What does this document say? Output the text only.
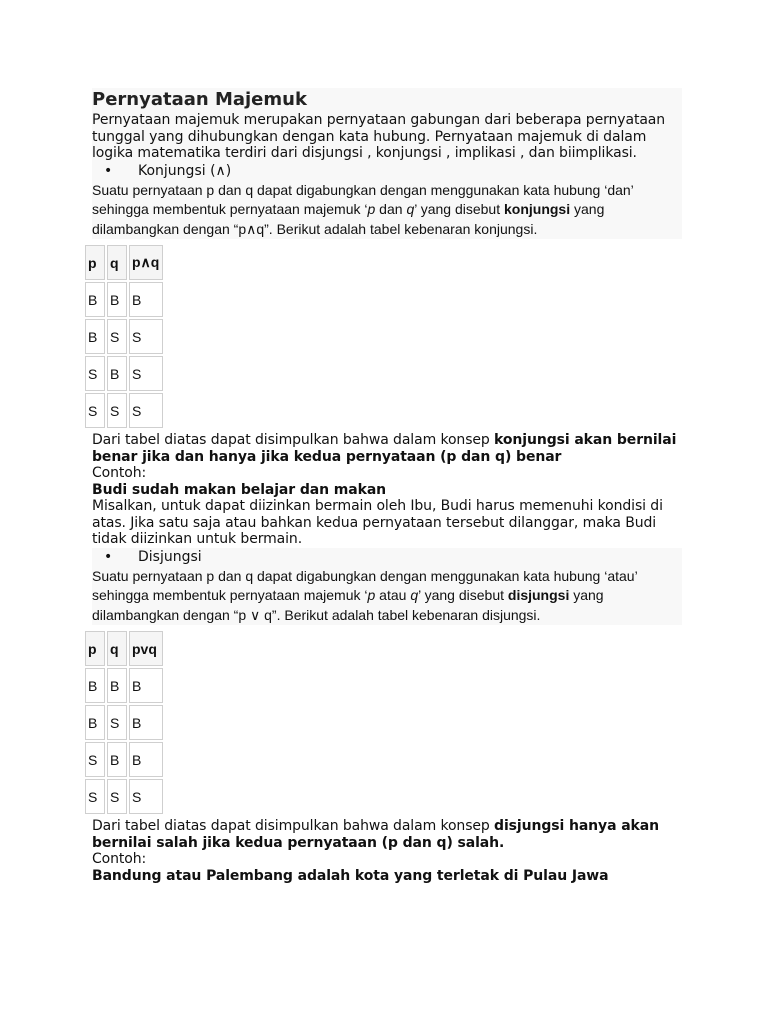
Pernyataan Majemuk

Pernyataan majemuk merupakan pernyataan gabungan dari beberapa pernyataan tunggal yang dihubungkan dengan kata hubung. Pernyataan majemuk di dalam logika matematika terdiri dari disjungsi , konjungsi , implikasi , dan biimplikasi.

• Konjungsi (∧)

Suatu pernyataan p dan q dapat digabungkan dengan menggunakan kata hubung ‘dan’ sehingga membentuk pernyataan majemuk ‘p dan q’ yang disebut konjungsi yang dilambangkan dengan “p∧q”. Berikut adalah tabel kebenaran konjungsi.

p	q	p∧q
B	B	B
B	S	S
S	B	S
S	S	S

Dari tabel diatas dapat disimpulkan bahwa dalam konsep konjungsi akan bernilai benar jika dan hanya jika kedua pernyataan (p dan q) benar

Contoh:

Budi sudah makan belajar dan makan

Misalkan, untuk dapat diizinkan bermain oleh Ibu, Budi harus memenuhi kondisi di atas. Jika satu saja atau bahkan kedua pernyataan tersebut dilanggar, maka Budi tidak diizinkan untuk bermain.

• Disjungsi

Suatu pernyataan p dan q dapat digabungkan dengan menggunakan kata hubung ‘atau’ sehingga membentuk pernyataan majemuk ‘p atau q’ yang disebut disjungsi yang dilambangkan dengan “p ∨ q”. Berikut adalah tabel kebenaran disjungsi.

p	q	pvq
B	B	B
B	S	B
S	B	B
S	S	S

Dari tabel diatas dapat disimpulkan bahwa dalam konsep disjungsi hanya akan bernilai salah jika kedua pernyataan (p dan q) salah.

Contoh:

Bandung atau Palembang adalah kota yang terletak di Pulau Jawa
